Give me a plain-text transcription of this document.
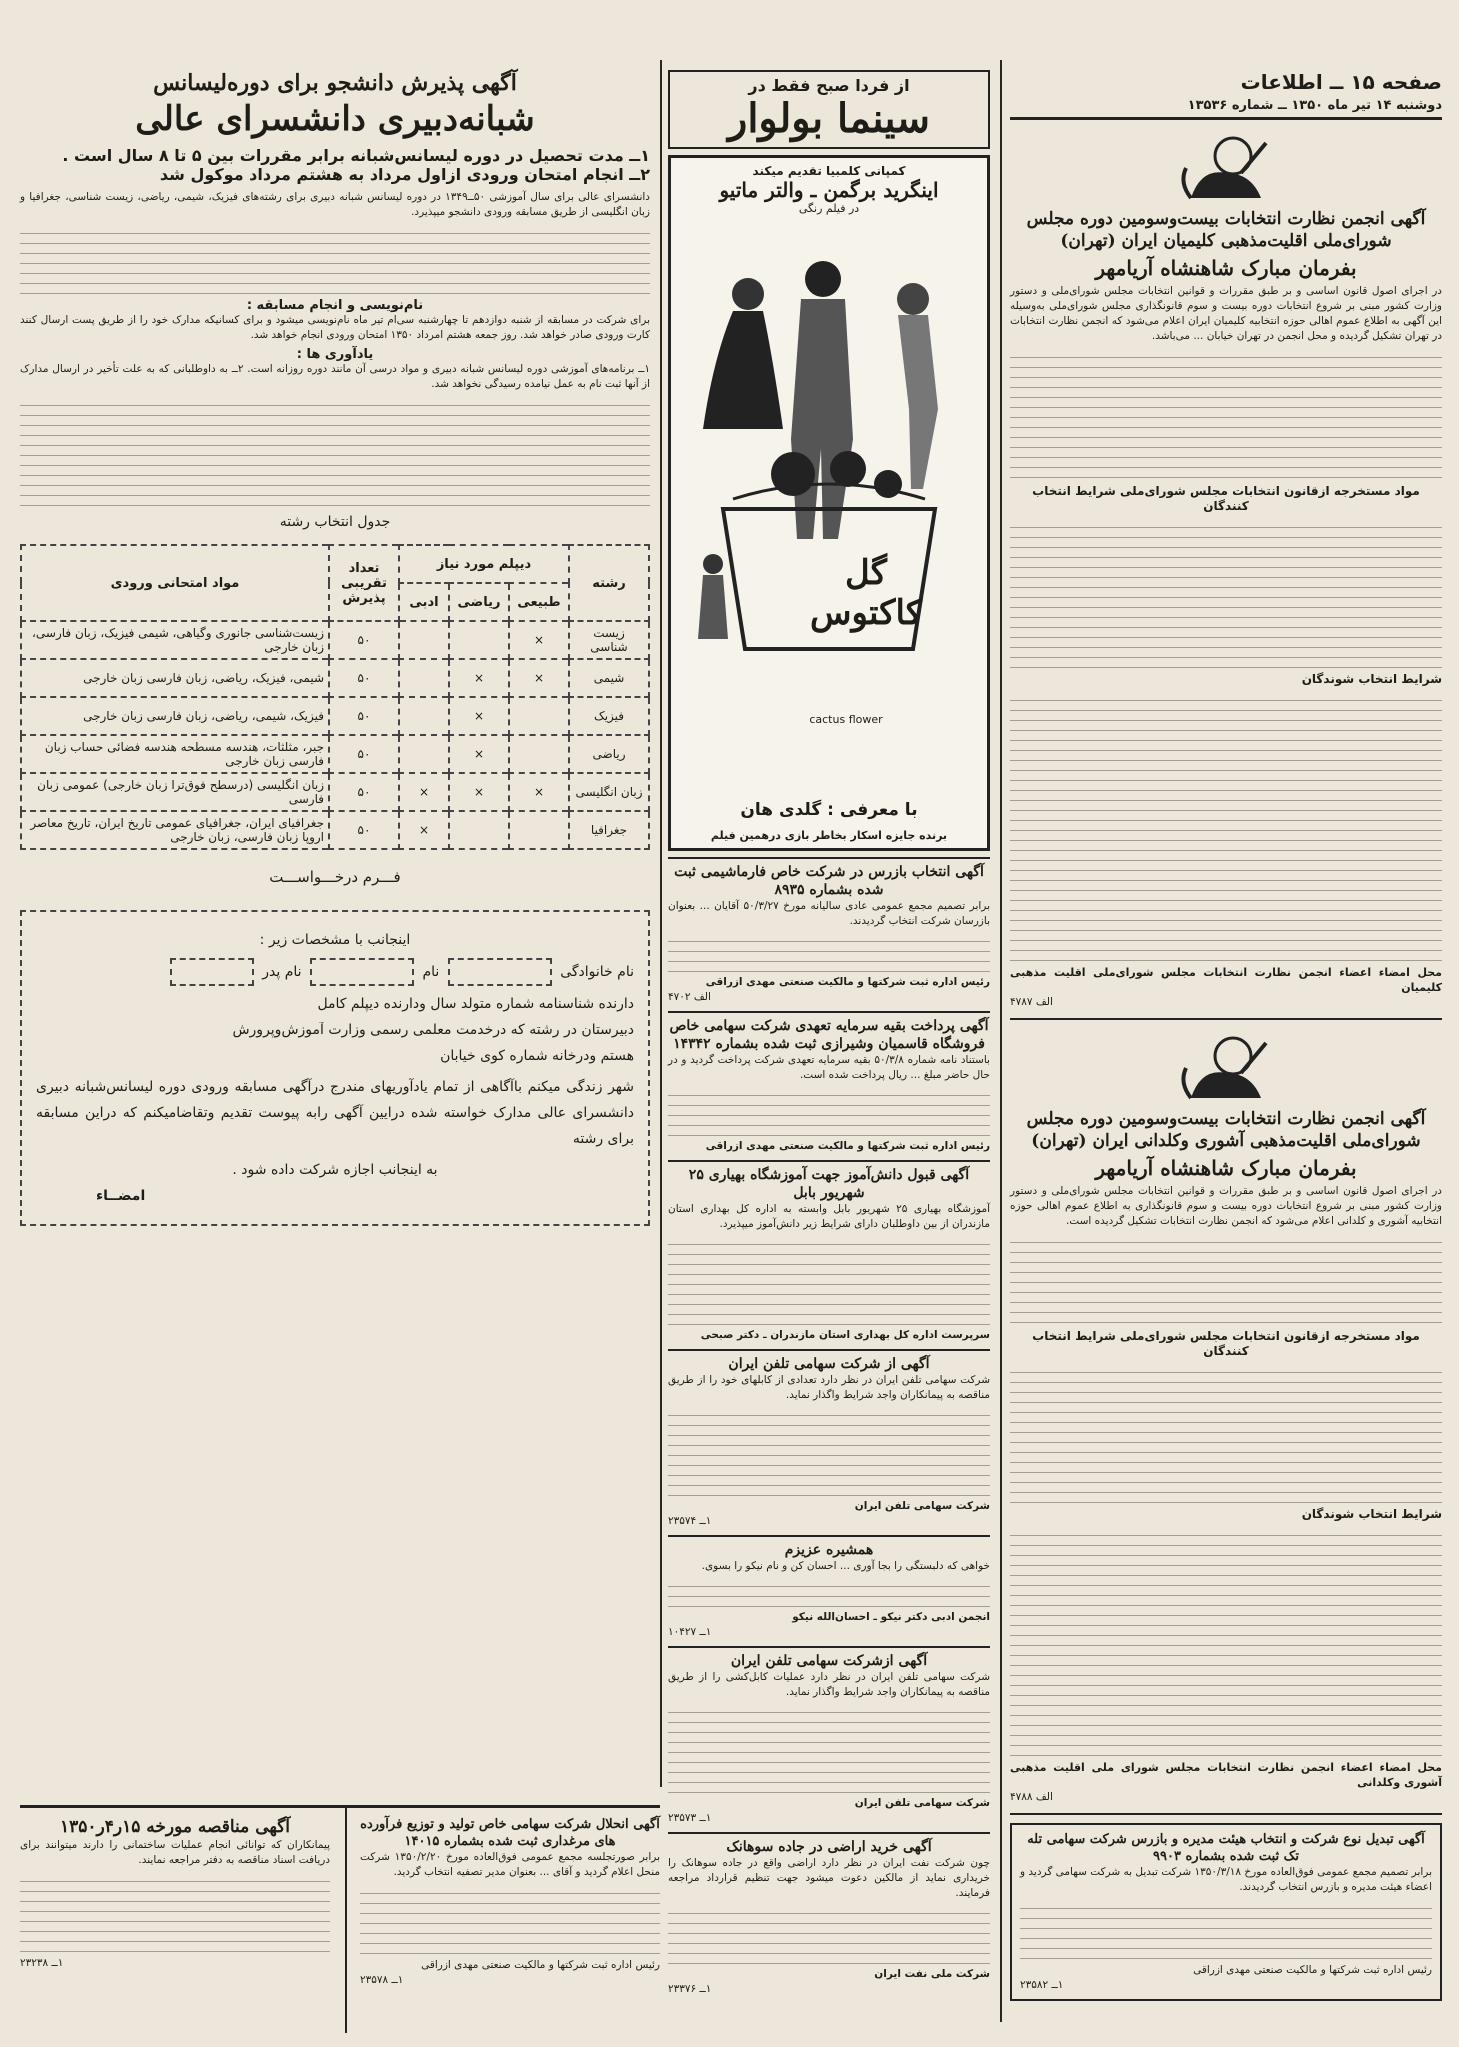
صفحه ۱۵ ــ اطلاعات
دوشنبه ۱۴ تیر ماه ۱۳۵۰ ــ شماره ۱۳۵۳۶

آگهی انجمن نظارت انتخابات بیست‌وسومین دوره مجلس شورای‌ملی اقلیت‌مذهبی کلیمیان ایران (تهران)

بفرمان مبارک شاهنشاه آریامهر

در اجرای اصول قانون اساسی و بر طبق مقررات و قوانین انتخابات مجلس شورای‌ملی و دستور وزارت کشور مبنی بر شروع انتخابات دوره بیست و سوم قانونگذاری مجلس شورای‌ملی به‌وسیله این آگهی به اطلاع عموم اهالی حوزه انتخابیه کلیمیان ایران اعلام می‌شود که انجمن نظارت انتخابات در تهران تشکیل گردیده و محل انجمن در تهران خیابان ... می‌باشد.

مواد مستخرجه ازقانون انتخابات مجلس شورای‌ملی شرایط انتخاب کنندگان

شرایط انتخاب شوندگان

محل امضاء اعضاء انجمن نظارت انتخابات مجلس شورای‌ملی اقلیت مذهبی کلیمیان

الف ۴۷۸۷

آگهی انجمن نظارت انتخابات بیست‌وسومین دوره مجلس شورای‌ملی اقلیت‌مذهبی آشوری وکلدانی ایران (تهران)

بفرمان مبارک شاهنشاه آریامهر

در اجرای اصول قانون اساسی و بر طبق مقررات و قوانین انتخابات مجلس شورای‌ملی و دستور وزارت کشور مبنی بر شروع انتخابات دوره بیست و سوم قانونگذاری به اطلاع عموم اهالی حوزه انتخابیه آشوری و کلدانی اعلام می‌شود که انجمن نظارت انتخابات تشکیل گردیده است.

مواد مستخرجه ازقانون انتخابات مجلس شورای‌ملی شرایط انتخاب کنندگان

شرایط انتخاب شوندگان

محل امضاء اعضاء انجمن نظارت انتخابات مجلس شورای ملی اقلیت مذهبی آشوری وکلدانی

الف ۴۷۸۸

آگهی تبدیل نوع شرکت و انتخاب هیئت مدیره و بازرس شرکت سهامی تله تک ثبت شده بشماره ۹۹۰۳

برابر تصمیم مجمع عمومی فوق‌العاده مورخ ۱۳۵۰/۳/۱۸ شرکت تبدیل به شرکت سهامی گردید و اعضاء هیئت مدیره و بازرس انتخاب گردیدند.

رئیس اداره ثبت شرکتها و مالکیت صنعتی مهدی ازراقی

۱ــ ۲۳۵۸۲

از فردا صبح فقط در
سینما بولوار
کمپانی کلمبیا تقدیم میکند
اینگرید برگمن ـ والتر ماتیو
در فیلم رنگی
گل کاکتوس
cactus flower
با معرفی : گلدی هان
برنده جایزه اسکار بخاطر بازی درهمین فیلم

آگهی انتخاب بازرس در شرکت خاص فارماشیمی ثبت شده بشماره ۸۹۳۵

برابر تصمیم مجمع عمومی عادی سالیانه مورخ ۵۰/۳/۲۷ آقایان ... بعنوان بازرسان شرکت انتخاب گردیدند.

رئیس اداره ثبت شرکتها و مالکیت صنعتی مهدی ازراقی

الف ۴۷۰۲

آگهی پرداخت بقیه سرمایه تعهدی شرکت سهامی خاص فروشگاه قاسمیان وشیرازی ثبت شده بشماره ۱۴۳۴۲

باستناد نامه شماره ۵۰/۳/۸ بقیه سرمایه تعهدی شرکت پرداخت گردید و در حال حاضر مبلغ ... ریال پرداخت شده است.

رئیس اداره ثبت شرکتها و مالکیت صنعتی مهدی ازراقی

آگهی قبول دانش‌آموز جهت آموزشگاه بهیاری ۲۵ شهریور بابل

آموزشگاه بهیاری ۲۵ شهریور بابل وابسته به اداره کل بهداری استان مازندران از بین داوطلبان دارای شرایط زیر دانش‌آموز میپذیرد.

سرپرست اداره کل بهداری استان مازندران ـ دکتر صبحی

آگهی از شرکت سهامی تلفن ایران

شرکت سهامی تلفن ایران در نظر دارد تعدادی از کابلهای خود را از طریق مناقصه به پیمانکاران واجد شرایط واگذار نماید.

شرکت سهامی تلفن ایران

۱ــ ۲۳۵۷۴

همشیره عزیزم

خواهی که دلبستگی را بجا آوری ... احسان کن و نام نیکو را بسوی.

انجمن ادبی دکتر نیکو ـ احسان‌الله نیکو

۱ــ ۱۰۴۲۷

آگهی ازشرکت سهامی تلفن ایران

شرکت سهامی تلفن ایران در نظر دارد عملیات کابل‌کشی را از طریق مناقصه به پیمانکاران واجد شرایط واگذار نماید.

شرکت سهامی تلفن ایران

۱ــ ۲۳۵۷۳

آگهی خرید اراضی در جاده سوهانک

چون شرکت نفت ایران در نظر دارد اراضی واقع در جاده سوهانک را خریداری نماید از مالکین دعوت میشود جهت تنظیم قرارداد مراجعه فرمایند.

شرکت ملی نفت ایران

۱ــ ۲۳۳۷۶

آگهی پذیرش دانشجو برای دوره‌لیسانس
شبانه‌دبیری دانشسرای عالی
۱ــ مدت تحصیل در دوره لیسانس‌شبانه برابر مقررات بین ۵ تا ۸ سال است .
۲ــ انجام امتحان ورودی ازاول مرداد به هشتم مرداد موکول شد

دانشسرای عالی برای سال آموزشی ۵۰ــ۱۳۴۹ در دوره لیسانس شبانه دبیری برای رشته‌های فیزیک، شیمی، ریاضی، زیست شناسی، جغرافیا و زبان انگلیسی از طریق مسابقه ورودی دانشجو میپذیرد.

نام‌نویسی و انجام مسابقه :

برای شرکت در مسابقه از شنبه دوازدهم تا چهارشنبه سی‌ام تیر ماه نام‌نویسی میشود و برای کسانیکه مدارک خود را از طریق پست ارسال کنند کارت ورودی صادر خواهد شد. روز جمعه هشتم امرداد ۱۳۵۰ امتحان ورودی انجام خواهد شد.

یادآوری ها :

۱ــ برنامه‌های آموزشی دوره لیسانس شبانه دبیری و مواد درسی آن مانند دوره روزانه است. ۲ــ به داوطلبانی که به علت تأخیر در ارسال مدارک از آنها ثبت نام به عمل نیامده رسیدگی نخواهد شد.

جدول انتخاب رشته
رشته	دیپلم مورد نیاز			تعداد تقریبی پذیرش	مواد امتحانی ورودی
	طبیعی	ریاضی	ادبی		
زیست شناسی	×			۵۰	زیست‌شناسی جانوری وگیاهی، شیمی فیزیک، زبان فارسی، زبان خارجی
شیمی	×	×		۵۰	شیمی، فیزیک، ریاضی، زبان فارسی زبان خارجی
فیزیک		×		۵۰	فیزیک، شیمی، ریاضی، زبان فارسی زبان خارجی
ریاضی		×		۵۰	جبر، مثلثات، هندسه مسطحه هندسه فضائی حساب زبان فارسی زبان خارجی
زبان انگلیسی	×	×	×	۵۰	زبان انگلیسی (درسطح فوق‌ترا زبان خارجی) عمومی زبان فارسی
جغرافیا			×	۵۰	جغرافیای ایران، جغرافیای عمومی تاریخ ایران، تاریخ معاصر اروپا زبان فارسی، زبان خارجی
فـــرم درخـــواســـت
اینجانب با مشخصات زیر :
نام خانوادگی  نام  نام پدر
دارنده شناسنامه شماره متولد سال ودارنده دیپلم کامل
دبیرستان در رشته که درخدمت معلمی رسمی وزارت آموزش‌وپرورش
هستم ودرخانه شماره کوی خیابان
شهر زندگی میکنم باآگاهی از تمام یادآوریهای مندرج درآگهی مسابقه ورودی دوره لیسانس‌شبانه دبیری دانشسرای عالی مدارک خواسته شده درایین آگهی رابه پیوست تقدیم وتقاضامیکنم که دراین مسابقه برای رشته
به اینجانب اجازه شرکت داده شود .
امضــاء

آگهی انحلال شرکت سهامی خاص تولید و توزیع فرآورده های مرغداری ثبت شده بشماره ۱۴۰۱۵

برابر صورتجلسه مجمع عمومی فوق‌العاده مورخ ۱۳۵۰/۲/۲۰ شرکت منحل اعلام گردید و آقای ... بعنوان مدیر تصفیه انتخاب گردید.

رئیس اداره ثبت شرکتها و مالکیت صنعتی مهدی ازراقی

۱ــ ۲۳۵۷۸

آگهی مناقصه مورخه ۱۵ر۴ر۱۳۵۰

پیمانکاران که توانائی انجام عملیات ساختمانی را دارند میتوانند برای دریافت اسناد مناقصه به دفتر مراجعه نمایند.

۱ــ ۲۳۲۳۸
